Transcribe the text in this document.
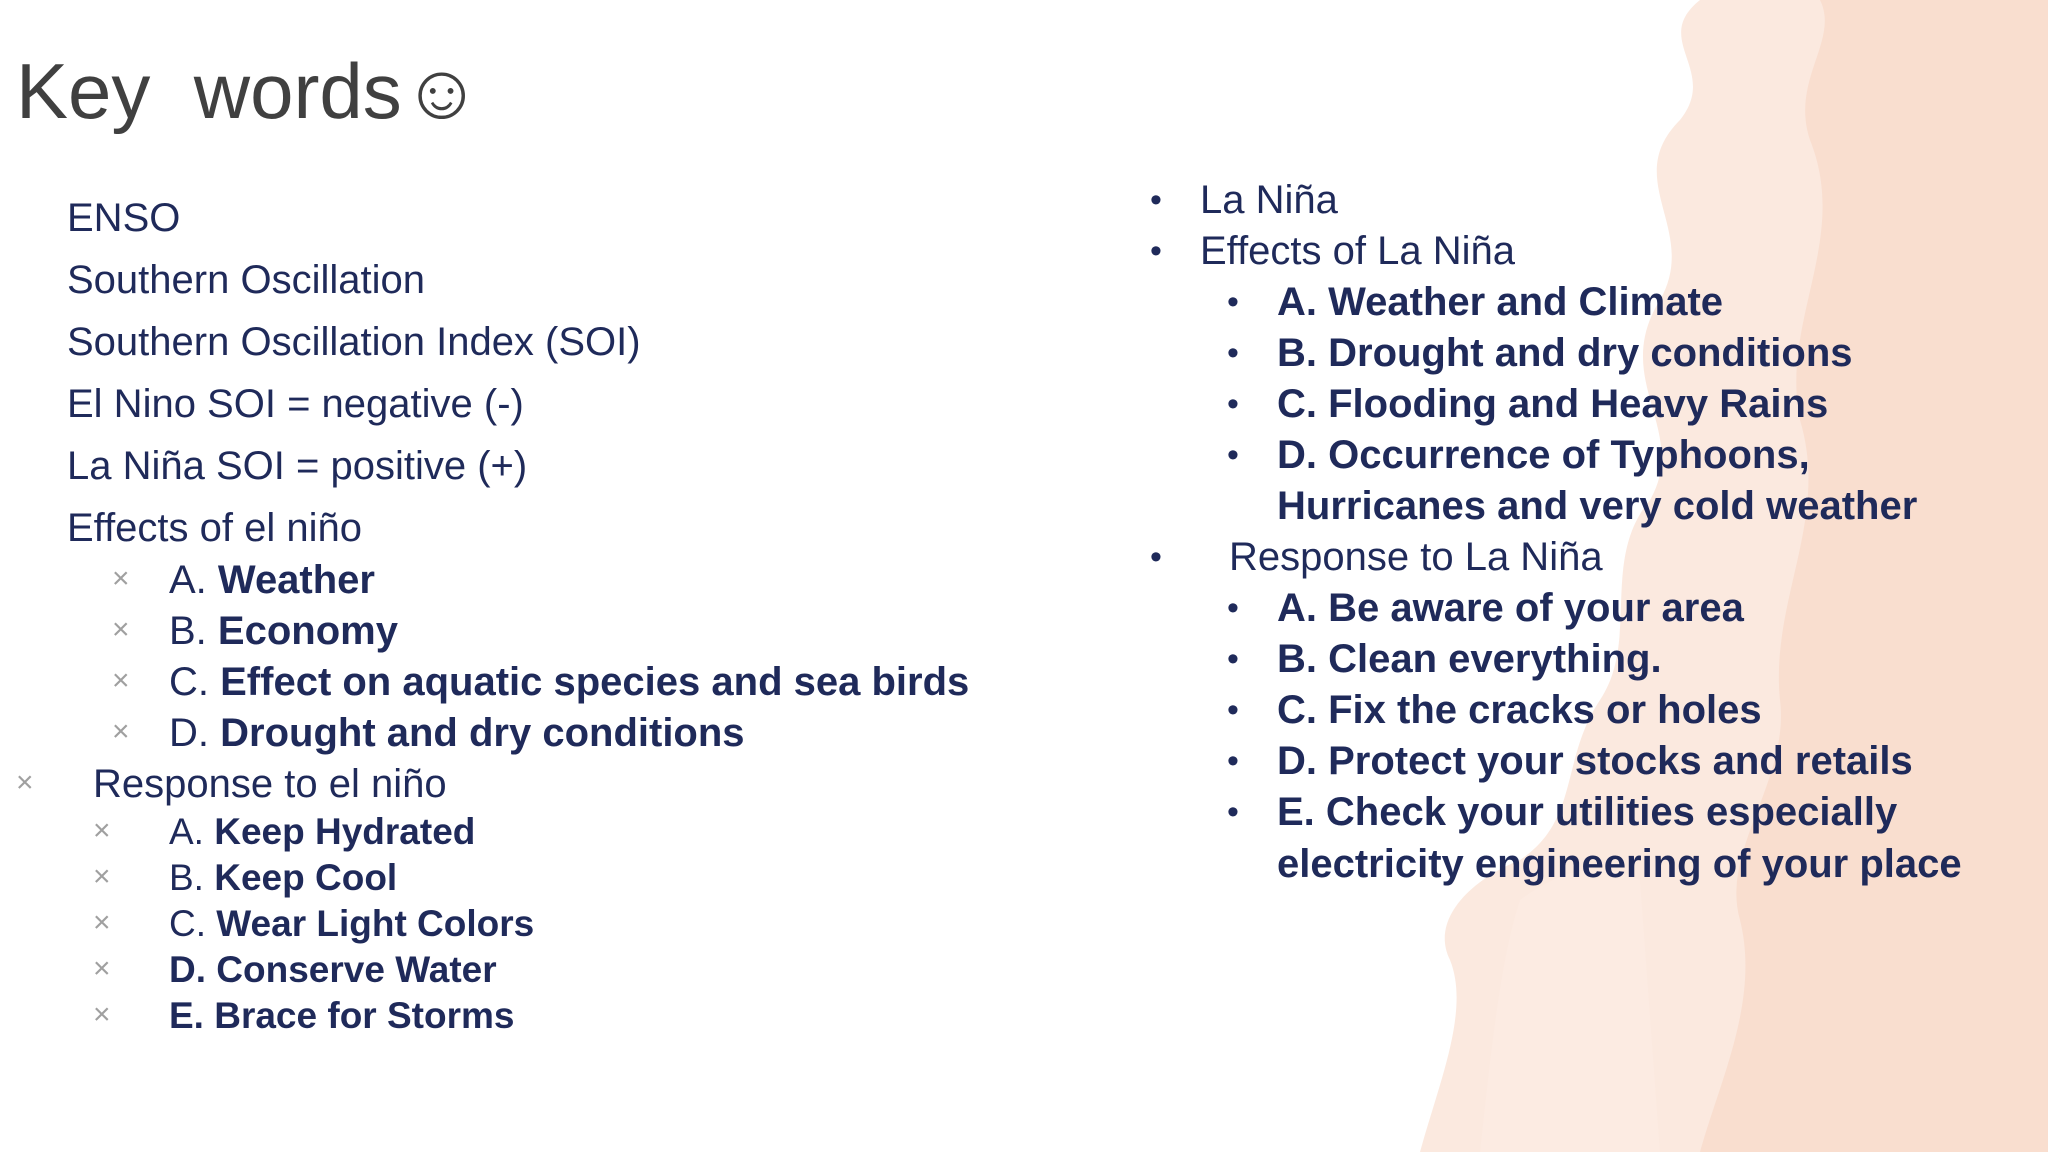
Key  words☺
ENSO
Southern Oscillation
Southern Oscillation Index (SOI)
El Nino SOI = negative (-)
La Niña SOI = positive (+)
Effects of el niño
× A. Weather
× B. Economy
× C. Effect on aquatic species and sea birds
× D. Drought and dry conditions
× Response to el niño
× A. Keep Hydrated
× B. Keep Cool
× C. Wear Light Colors
× D. Conserve Water
× E. Brace for Storms
• La Niña
• Effects of La Niña
• A. Weather and Climate
• B. Drought and dry conditions
• C. Flooding and Heavy Rains
• D. Occurrence of Typhoons,
Hurricanes and very cold weather
• Response to La Niña
• A. Be aware of your area
• B. Clean everything.
• C. Fix the cracks or holes
• D. Protect your stocks and retails
• E. Check your utilities especially
electricity engineering of your place
